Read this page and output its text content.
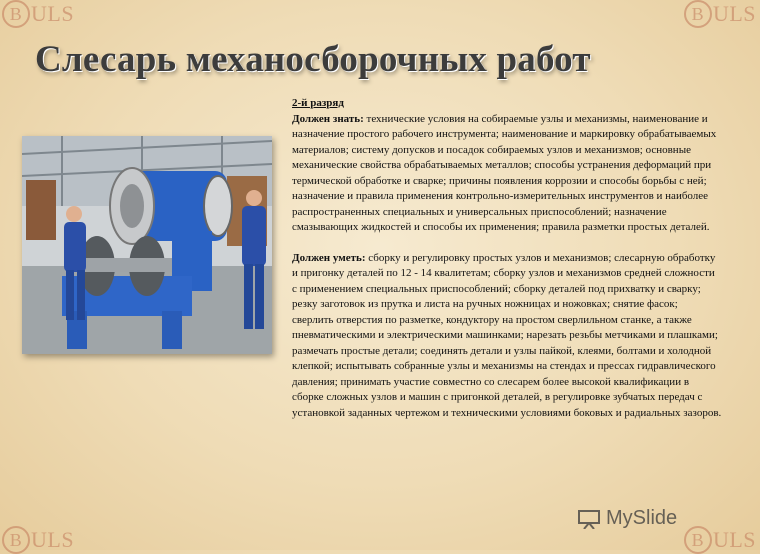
B ULS	B ULS
B ULS	B ULS
Слесарь механосборочных работ
2-й разряд
Должен знать: технические условия на собираемые узлы и механизмы, наименование и назначение простого рабочего инструмента; наименование и маркировку обрабатываемых материалов; систему допусков и посадок собираемых узлов и механизмов; основные механические свойства обрабатываемых металлов; способы устранения деформаций при термической обработке и сварке; причины появления коррозии и способы борьбы с ней; назначение и правила применения контрольно-измерительных инструментов и наиболее распространенных специальных и универсальных приспособлений; назначение смазывающих жидкостей и способы их применения; правила разметки простых деталей.
Должен уметь: сборку и регулировку простых узлов и механизмов; слесарную обработку и пригонку деталей по 12 - 14 квалитетам; сборку узлов и механизмов средней сложности с применением специальных приспособлений; сборку деталей под прихватку и сварку; резку заготовок из прутка и листа на ручных ножницах и ножовках; снятие фасок; сверлить отверстия по разметке, кондуктору на простом сверлильном станке, а также пневматическими и электрическими машинками; нарезать резьбы метчиками и плашками; размечать простые детали; соединять детали и узлы пайкой, клеями, болтами и холодной клепкой; испытывать собранные узлы и механизмы на стендах и прессах гидравлического давления; принимать участие совместно со слесарем более высокой квалификации в сборке сложных узлов и машин с пригонкой деталей, в регулировке зубчатых передач с установкой заданных чертежом и техническими условиями боковых и радиальных зазоров.
MySlide
